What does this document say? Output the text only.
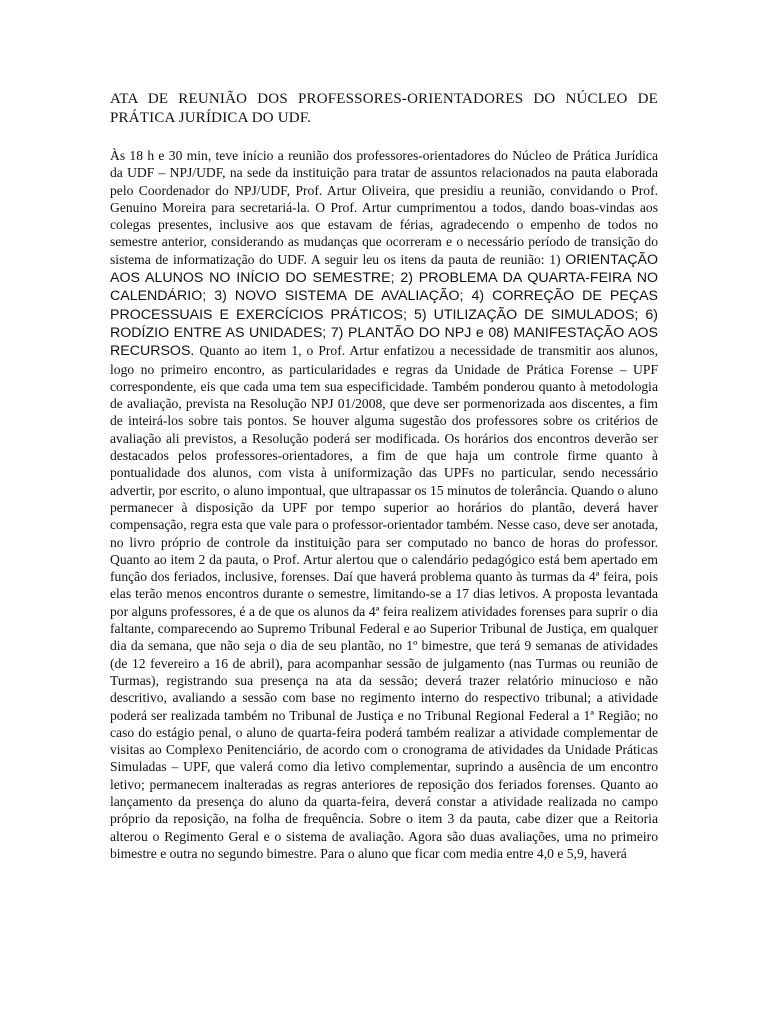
ATA DE REUNIÃO DOS PROFESSORES-ORIENTADORES DO NÚCLEO DE PRÁTICA JURÍDICA DO UDF.

Às 18 h e 30 min, teve início a reunião dos professores-orientadores do Núcleo de Prática Jurídica da UDF – NPJ/UDF, na sede da instituição para tratar de assuntos relacionados na pauta elaborada pelo Coordenador do NPJ/UDF, Prof. Artur Oliveira, que presidiu a reunião, convidando o Prof. Genuino Moreira para secretariá-la. O Prof. Artur cumprimentou a todos, dando boas-vindas aos colegas presentes, inclusive aos que estavam de férias, agradecendo o empenho de todos no semestre anterior, considerando as mudanças que ocorreram e o necessário período de transição do sistema de informatização do UDF. A seguir leu os itens da pauta de reunião: 1) ORIENTAÇÃO AOS ALUNOS NO INÍCIO DO SEMESTRE; 2) PROBLEMA DA QUARTA-FEIRA NO CALENDÁRIO; 3) NOVO SISTEMA DE AVALIAÇÃO; 4) CORREÇÃO DE PEÇAS PROCESSUAIS E EXERCÍCIOS PRÁTICOS; 5) UTILIZAÇÃO DE SIMULADOS; 6) RODÍZIO ENTRE AS UNIDADES; 7) PLANTÃO DO NPJ e 08) MANIFESTAÇÃO AOS RECURSOS. Quanto ao item 1, o Prof. Artur enfatizou a necessidade de transmitir aos alunos, logo no primeiro encontro, as particularidades e regras da Unidade de Prática Forense – UPF correspondente, eis que cada uma tem sua especificidade. Também ponderou quanto à metodologia de avaliação, prevista na Resolução NPJ 01/2008, que deve ser pormenorizada aos discentes, a fim de inteirá-los sobre tais pontos. Se houver alguma sugestão dos professores sobre os critérios de avaliação ali previstos, a Resolução poderá ser modificada. Os horários dos encontros deverão ser destacados pelos professores-orientadores, a fim de que haja um controle firme quanto à pontualidade dos alunos, com vista à uniformização das UPFs no particular, sendo necessário advertir, por escrito, o aluno impontual, que ultrapassar os 15 minutos de tolerância. Quando o aluno permanecer à disposição da UPF por tempo superior ao horários do plantão, deverá haver compensação, regra esta que vale para o professor-orientador também. Nesse caso, deve ser anotada, no livro próprio de controle da instituição para ser computado no banco de horas do professor. Quanto ao item 2 da pauta, o Prof. Artur alertou que o calendário pedagógico está bem apertado em função dos feriados, inclusive, forenses. Daí que haverá problema quanto às turmas da 4ª feira, pois elas terão menos encontros durante o semestre, limitando-se a 17 dias letivos. A proposta levantada por alguns professores, é a de que os alunos da 4ª feira realizem atividades forenses para suprir o dia faltante, comparecendo ao Supremo Tribunal Federal e ao Superior Tribunal de Justiça, em qualquer dia da semana, que não seja o dia de seu plantão, no 1º bimestre, que terá 9 semanas de atividades (de 12 fevereiro a 16 de abril), para acompanhar sessão de julgamento (nas Turmas ou reunião de Turmas), registrando sua presença na ata da sessão; deverá trazer relatório minucioso e não descritivo, avaliando a sessão com base no regimento interno do respectivo tribunal; a atividade poderá ser realizada também no Tribunal de Justiça e no Tribunal Regional Federal a 1ª Região; no caso do estágio penal, o aluno de quarta-feira poderá também realizar a atividade complementar de visitas ao Complexo Penitenciário, de acordo com o cronograma de atividades da Unidade Práticas Simuladas – UPF, que valerá como dia letivo complementar, suprindo a ausência de um encontro letivo; permanecem inalteradas as regras anteriores de reposição dos feriados forenses. Quanto ao lançamento da presença do aluno da quarta-feira, deverá constar a atividade realizada no campo próprio da reposição, na folha de frequência. Sobre o item 3 da pauta, cabe dizer que a Reitoria alterou o Regimento Geral e o sistema de avaliação. Agora são duas avaliações, uma no primeiro bimestre e outra no segundo bimestre. Para o aluno que ficar com media entre 4,0 e 5,9, haverá
